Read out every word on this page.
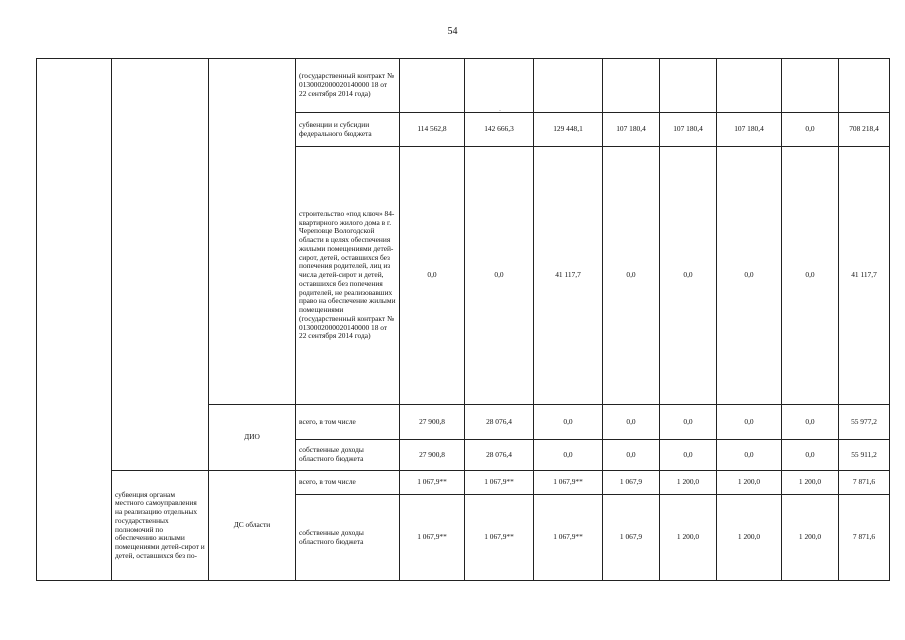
54
-
			(государственный контракт № 0130002000020140000 18 от 22 сентября 2014 года)								
			субвенции и субсидии федерального бюджета	114 562,8	142 666,3	129 448,1	107 180,4	107 180,4	107 180,4	0,0	708 218,4
			строительство «под ключ» 84-квартирного жилого дома в г. Череповце Вологодской области в целях обеспечения жилыми помещениями детей-сирот, детей, оставшихся без попечения родителей, лиц из числа детей-сирот и детей, оставшихся без попечения родителей, не реализовавших право на обеспечение жилыми помещениями (государственный контракт № 0130002000020140000 18 от 22 сентября 2014 года)	0,0	0,0	41 117,7	0,0	0,0	0,0	0,0	41 117,7
		ДИО	всего, в том числе	27 900,8	28 076,4	0,0	0,0	0,0	0,0	0,0	55 977,2
			собственные доходы областного бюджета	27 900,8	28 076,4	0,0	0,0	0,0	0,0	0,0	55 911,2
	субвенция органам местного самоуправления на реализацию отдельных государственных полномочий по обеспечению жилыми помещениями детей-сирот и детей, оставшихся без по-	ДС области	всего, в том числе	1 067,9**	1 067,9**	1 067,9**	1 067,9	1 200,0	1 200,0	1 200,0	7 871,6
			собственные доходы областного бюджета	1 067,9**	1 067,9**	1 067,9**	1 067,9	1 200,0	1 200,0	1 200,0	7 871,6
